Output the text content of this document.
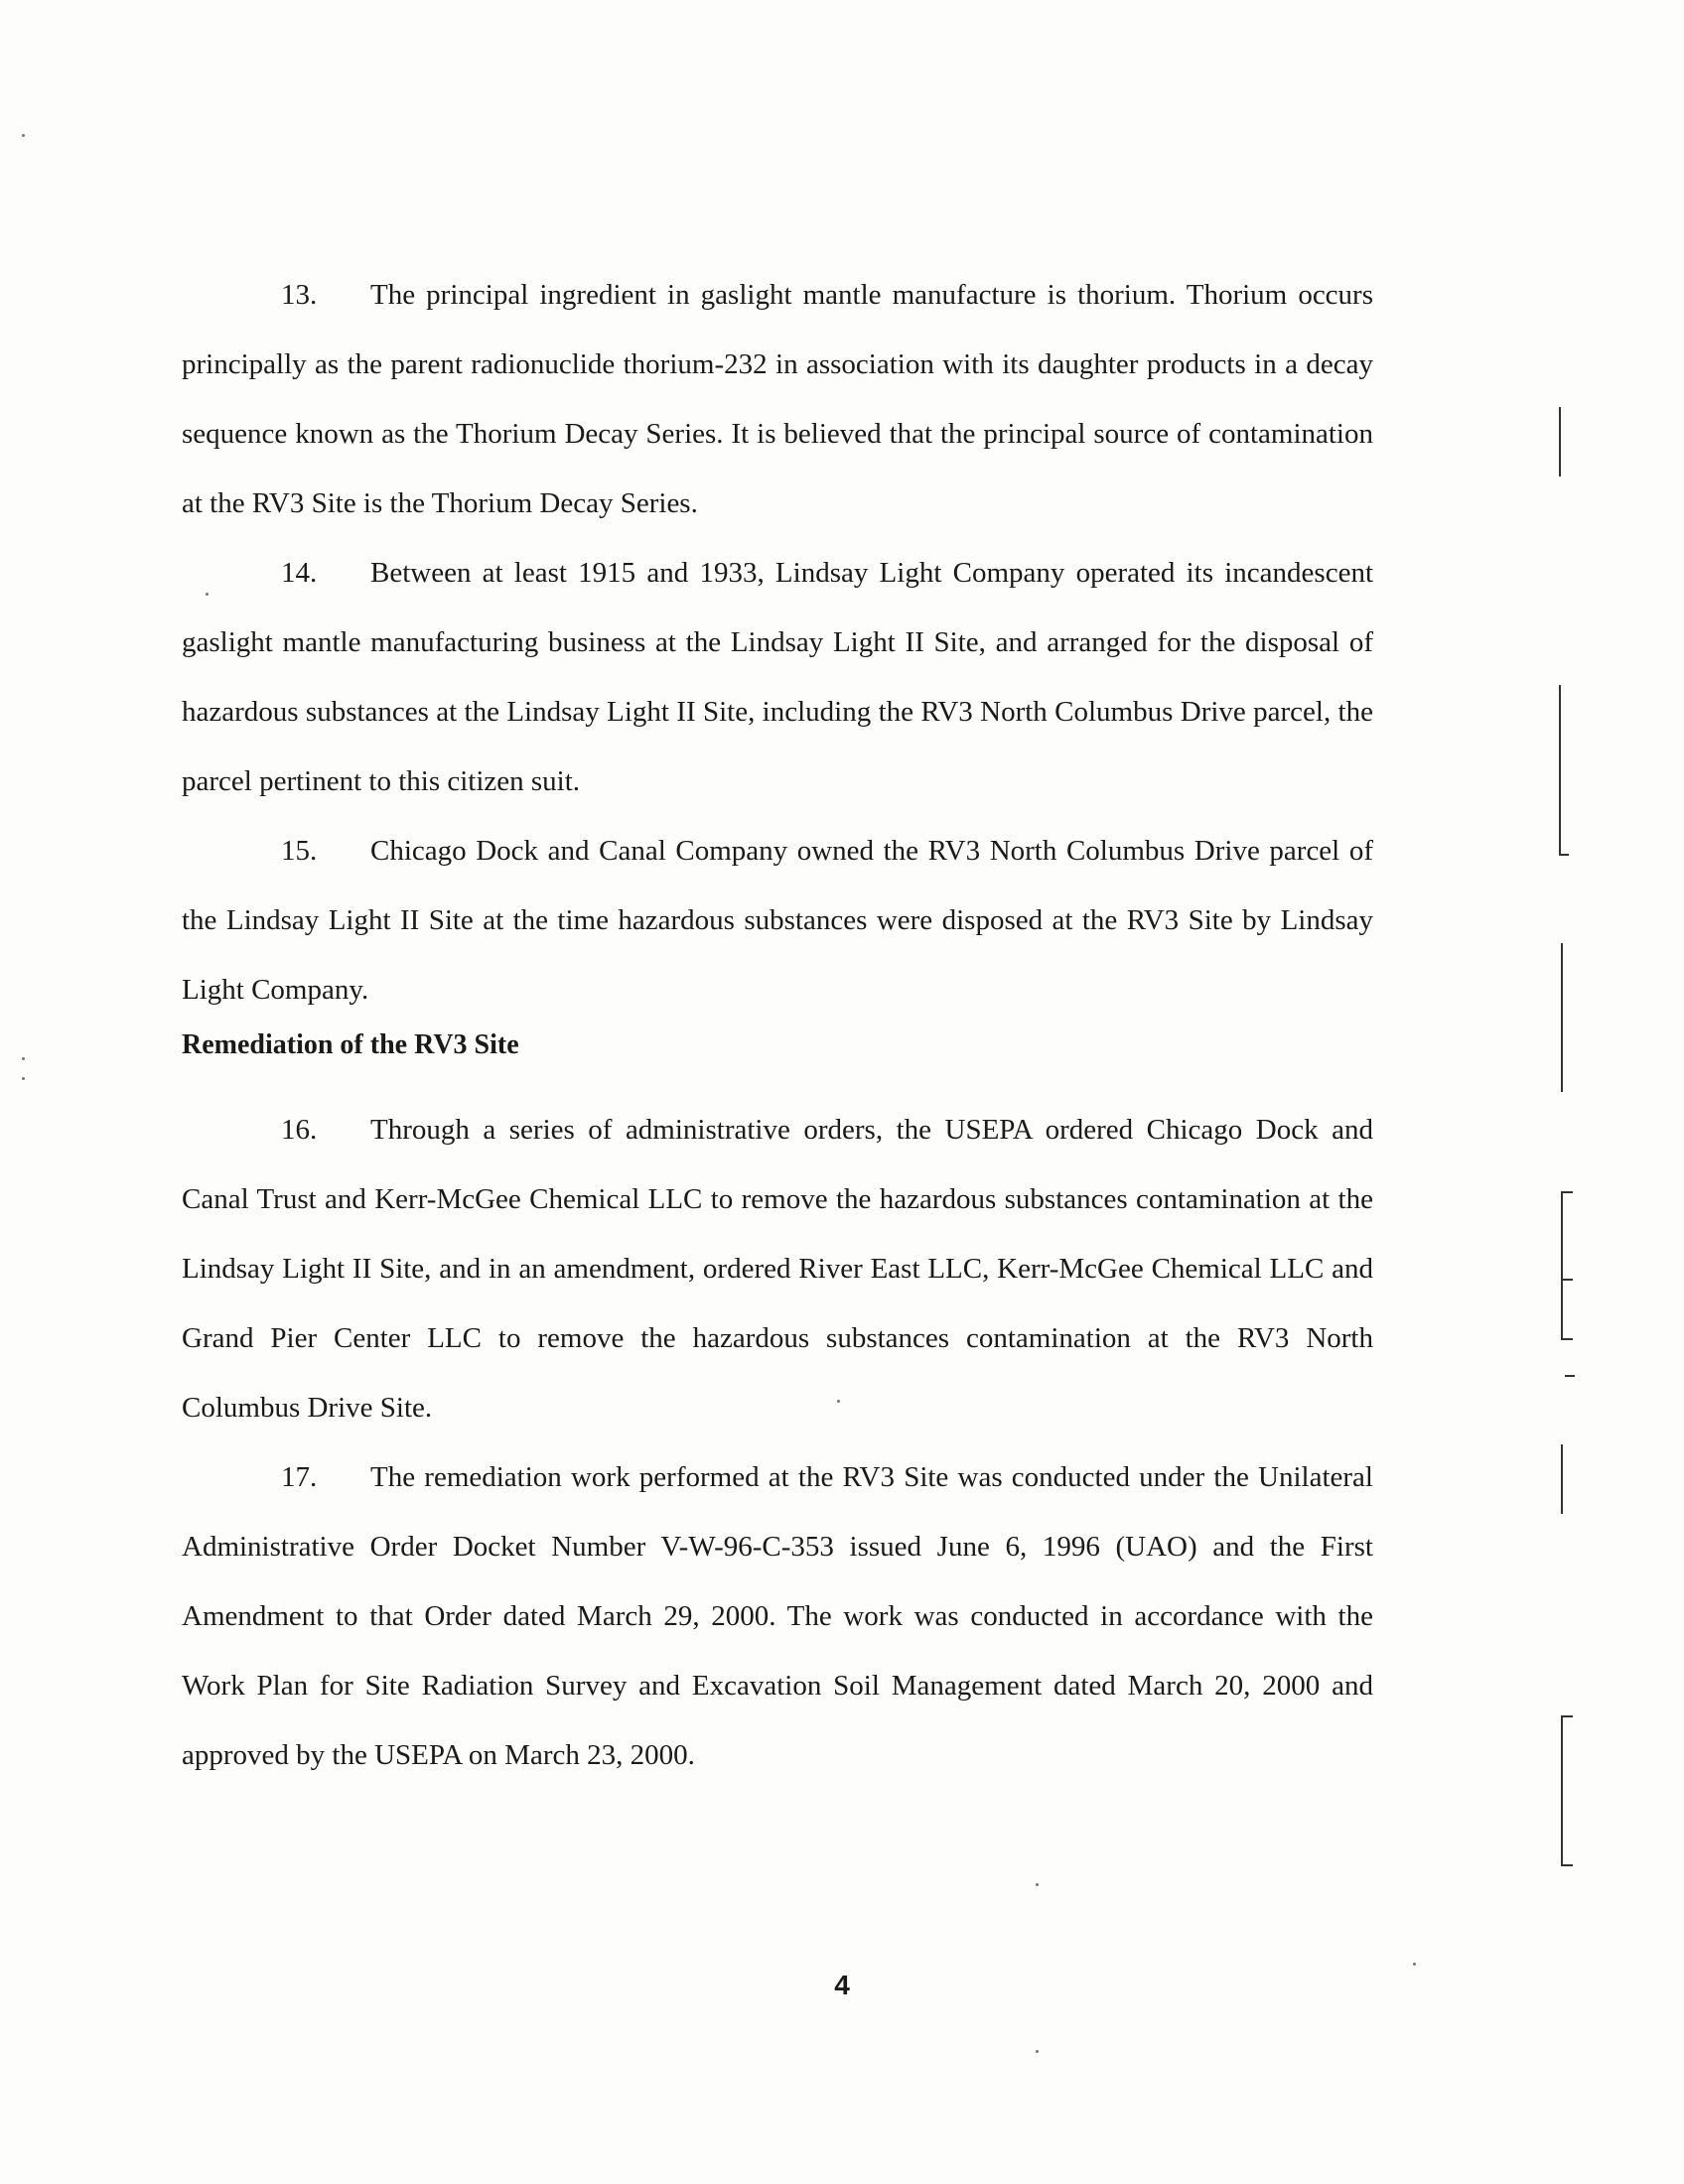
13. The principal ingredient in gaslight mantle manufacture is thorium. Thorium occurs principally as the parent radionuclide thorium-232 in association with its daughter products in a decay sequence known as the Thorium Decay Series. It is believed that the principal source of contamination at the RV3 Site is the Thorium Decay Series.

14. Between at least 1915 and 1933, Lindsay Light Company operated its incandescent gaslight mantle manufacturing business at the Lindsay Light II Site, and arranged for the disposal of hazardous substances at the Lindsay Light II Site, including the RV3 North Columbus Drive parcel, the parcel pertinent to this citizen suit.

15. Chicago Dock and Canal Company owned the RV3 North Columbus Drive parcel of the Lindsay Light II Site at the time hazardous substances were disposed at the RV3 Site by Lindsay Light Company.

Remediation of the RV3 Site

16. Through a series of administrative orders, the USEPA ordered Chicago Dock and Canal Trust and Kerr-McGee Chemical LLC to remove the hazardous substances contamination at the Lindsay Light II Site, and in an amendment, ordered River East LLC, Kerr-McGee Chemical LLC and Grand Pier Center LLC to remove the hazardous substances contamination at the RV3 North Columbus Drive Site.

17. The remediation work performed at the RV3 Site was conducted under the Unilateral Administrative Order Docket Number V-W-96-C-353 issued June 6, 1996 (UAO) and the First Amendment to that Order dated March 29, 2000. The work was conducted in accordance with the Work Plan for Site Radiation Survey and Excavation Soil Management dated March 20, 2000 and approved by the USEPA on March 23, 2000.

4
